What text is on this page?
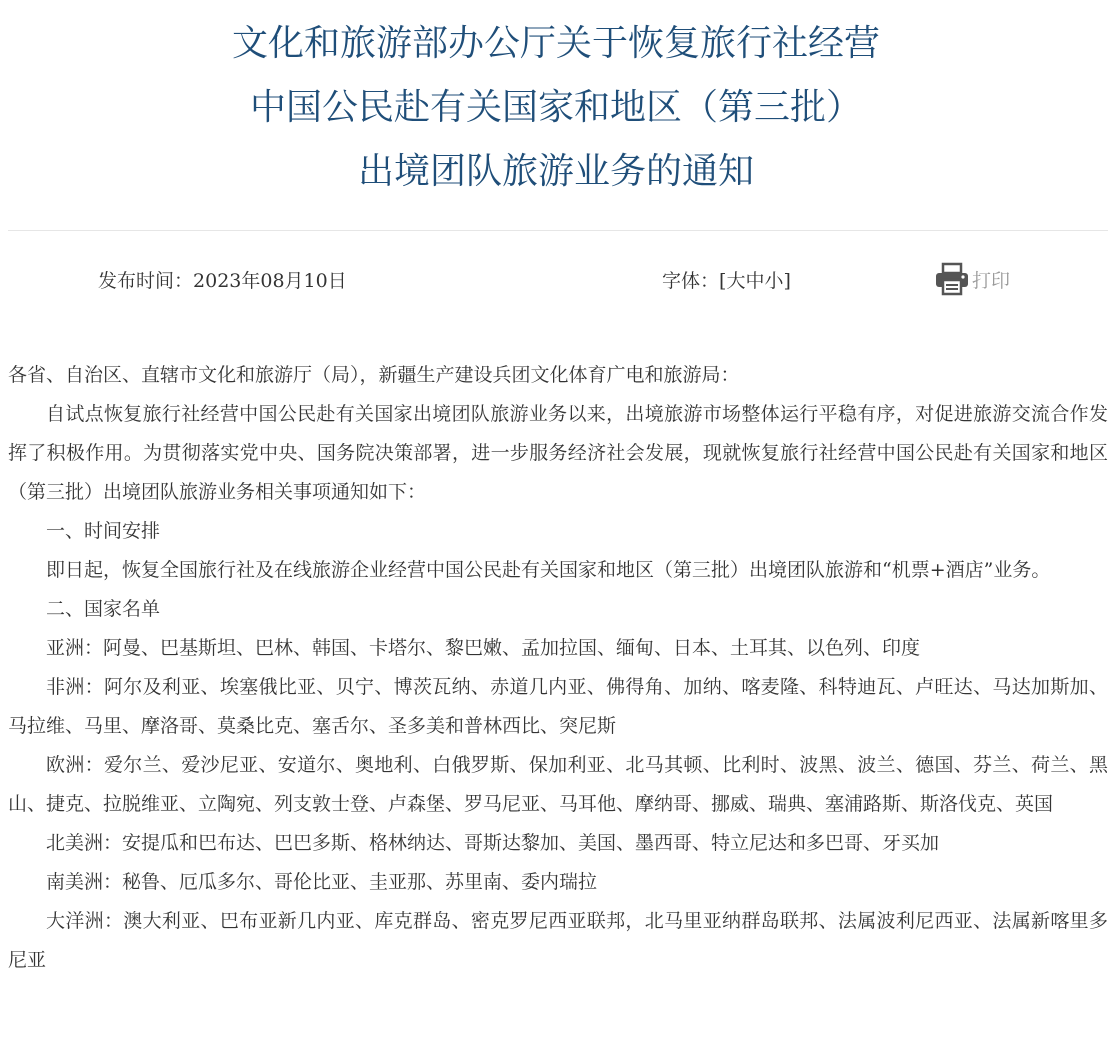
文化和旅游部办公厅关于恢复旅行社经营
中国公民赴有关国家和地区（第三批）
出境团队旅游业务的通知
发布时间：2023年08月10日	字体：[大中小]	打印

各省、自治区、直辖市文化和旅游厅（局），新疆生产建设兵团文化体育广电和旅游局：

自试点恢复旅行社经营中国公民赴有关国家出境团队旅游业务以来，出境旅游市场整体运行平稳有序，对促进旅游交流合作发挥了积极作用。为贯彻落实党中央、国务院决策部署，进一步服务经济社会发展，现就恢复旅行社经营中国公民赴有关国家和地区（第三批）出境团队旅游业务相关事项通知如下：

一、时间安排

即日起，恢复全国旅行社及在线旅游企业经营中国公民赴有关国家和地区（第三批）出境团队旅游和“机票+酒店”业务。

二、国家名单

亚洲：阿曼、巴基斯坦、巴林、韩国、卡塔尔、黎巴嫩、孟加拉国、缅甸、日本、土耳其、以色列、印度

非洲：阿尔及利亚、埃塞俄比亚、贝宁、博茨瓦纳、赤道几内亚、佛得角、加纳、喀麦隆、科特迪瓦、卢旺达、马达加斯加、马拉维、马里、摩洛哥、莫桑比克、塞舌尔、圣多美和普林西比、突尼斯

欧洲：爱尔兰、爱沙尼亚、安道尔、奥地利、白俄罗斯、保加利亚、北马其顿、比利时、波黑、波兰、德国、芬兰、荷兰、黑山、捷克、拉脱维亚、立陶宛、列支敦士登、卢森堡、罗马尼亚、马耳他、摩纳哥、挪威、瑞典、塞浦路斯、斯洛伐克、英国

北美洲：安提瓜和巴布达、巴巴多斯、格林纳达、哥斯达黎加、美国、墨西哥、特立尼达和多巴哥、牙买加

南美洲：秘鲁、厄瓜多尔、哥伦比亚、圭亚那、苏里南、委内瑞拉

大洋洲：澳大利亚、巴布亚新几内亚、库克群岛、密克罗尼西亚联邦，北马里亚纳群岛联邦、法属波利尼西亚、法属新喀里多尼亚
